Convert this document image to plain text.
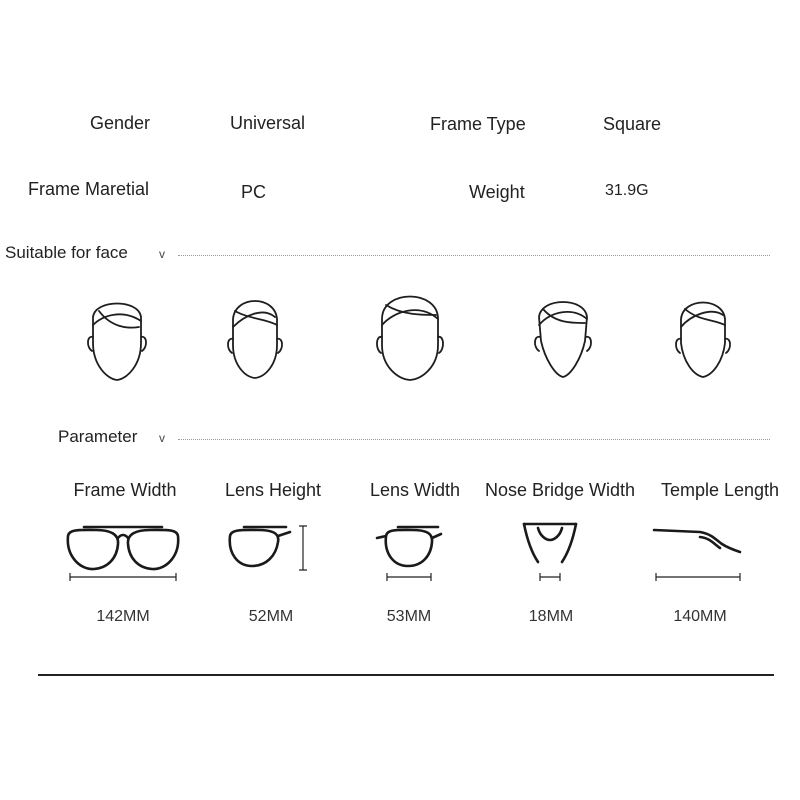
Gender	Universal	Frame Type	Square
Frame Maretial	PC	Weight	31.9G
Suitable for face	v
Parameter v
Frame Width	Lens Height	Lens Width	Nose Bridge Width	Temple Length
142MM	52MM	53MM	18MM	140MM
